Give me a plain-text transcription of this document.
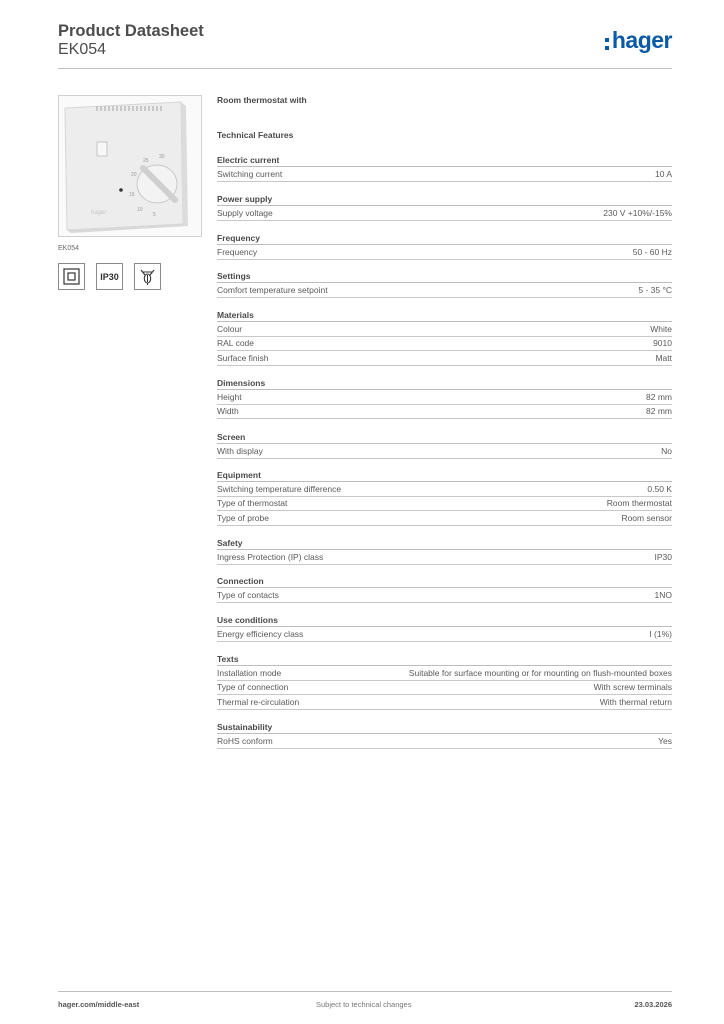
Product Datasheet
EK054	hager
25
30
20
15
10
5
hager
EK054
IP30
Room thermostat with
Technical Features
Electric current
Switching current	10 A
Power supply
Supply voltage	230 V +10%/-15%
Frequency
Frequency	50 - 60 Hz
Settings
Comfort temperature setpoint	5 - 35 °C
Materials
Colour	White
RAL code	9010
Surface finish	Matt
Dimensions
Height	82 mm
Width	82 mm
Screen
With display	No
Equipment
Switching temperature difference	0.50 K
Type of thermostat	Room thermostat
Type of probe	Room sensor
Safety
Ingress Protection (IP) class	IP30
Connection
Type of contacts	1NO
Use conditions
Energy efficiency class	I (1%)
Texts
Installation mode	Suitable for surface mounting or for mounting on flush-mounted boxes
Type of connection	With screw terminals
Thermal re-circulation	With thermal return
Sustainability
RoHS conform	Yes
hager.com/middle-east	Subject to technical changes	23.03.2026
